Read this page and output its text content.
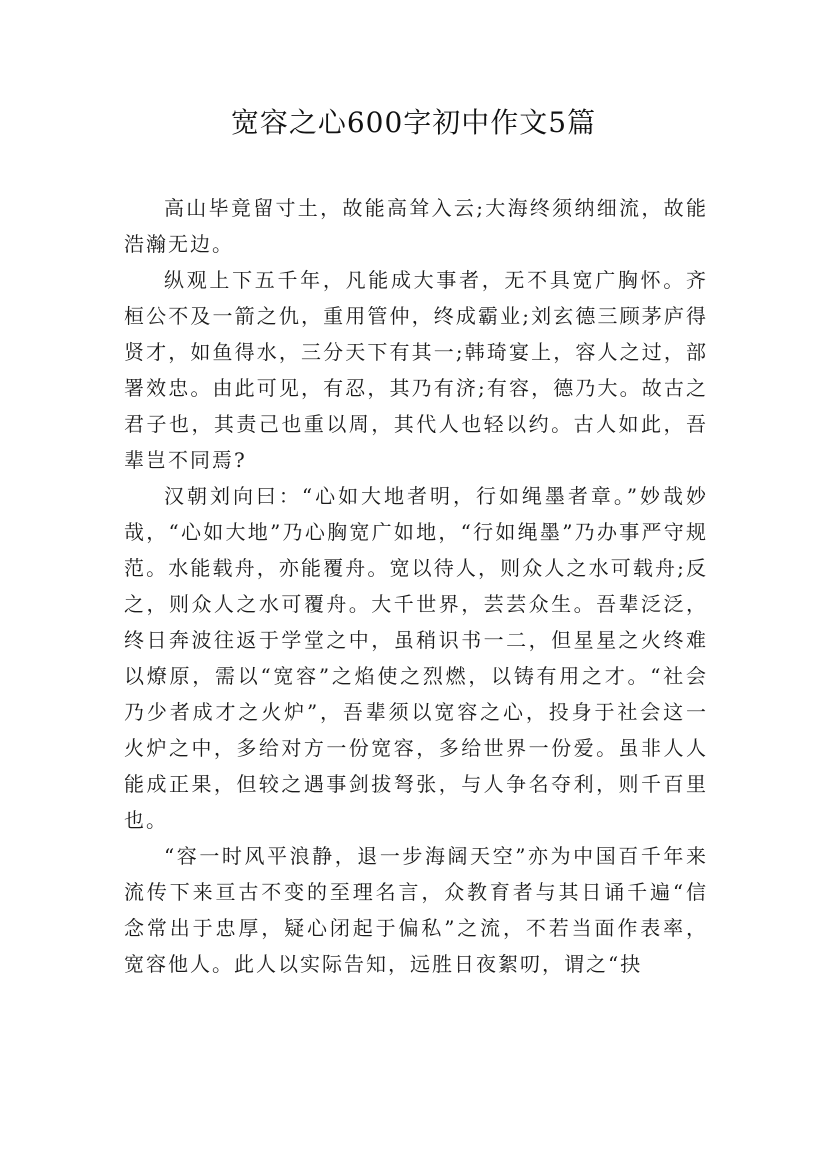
宽容之心600字初中作文5篇

高山毕竟留寸土，故能高耸入云;大海终须纳细流，故能浩瀚无边。

纵观上下五千年，凡能成大事者，无不具宽广胸怀。齐桓公不及一箭之仇，重用管仲，终成霸业;刘玄德三顾茅庐得贤才，如鱼得水，三分天下有其一;韩琦宴上，容人之过，部署效忠。由此可见，有忍，其乃有济;有容，德乃大。故古之君子也，其责己也重以周，其代人也轻以约。古人如此，吾辈岂不同焉?

汉朝刘向曰：“心如大地者明，行如绳墨者章。”妙哉妙哉，“心如大地”乃心胸宽广如地，“行如绳墨”乃办事严守规范。水能载舟，亦能覆舟。宽以待人，则众人之水可载舟;反之，则众人之水可覆舟。大千世界，芸芸众生。吾辈泛泛，终日奔波往返于学堂之中，虽稍识书一二，但星星之火终难以燎原，需以“宽容”之焰使之烈燃，以铸有用之才。“社会乃少者成才之火炉”，吾辈须以宽容之心，投身于社会这一火炉之中，多给对方一份宽容，多给世界一份爱。虽非人人能成正果，但较之遇事剑拔弩张，与人争名夺利，则千百里也。

“容一时风平浪静，退一步海阔天空”亦为中国百千年来流传下来亘古不变的至理名言，众教育者与其日诵千遍“信念常出于忠厚，疑心闭起于偏私”之流，不若当面作表率，宽容他人。此人以实际告知，远胜日夜絮叨，谓之“抉
